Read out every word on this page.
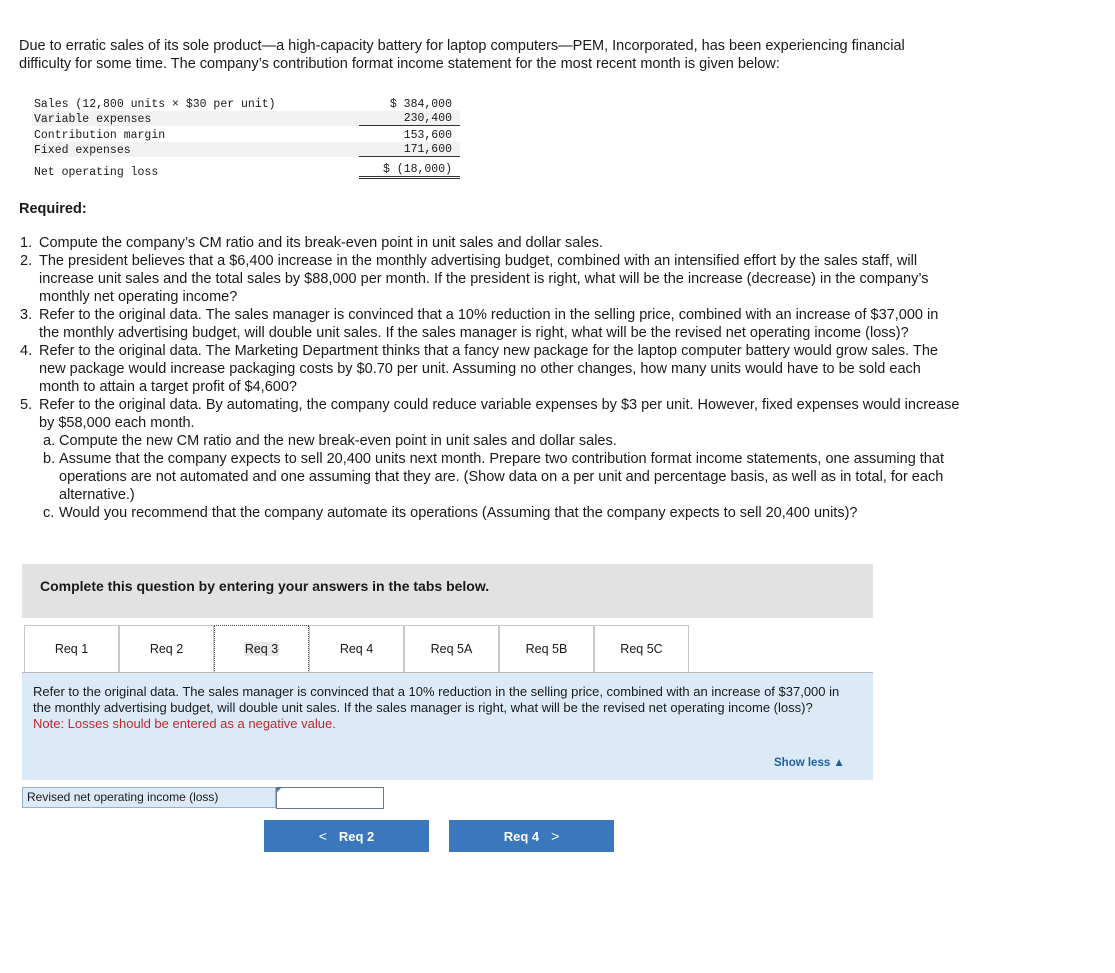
Due to erratic sales of its sole product—a high-capacity battery for laptop computers—PEM, Incorporated, has been experiencing financial difficulty for some time. The company’s contribution format income statement for the most recent month is given below:
Sales (12,800 units × $30 per unit)	$ 384,000
Variable expenses	230,400
Contribution margin	153,600
Fixed expenses	171,600
Net operating loss	$ (18,000)
Required:
1. Compute the company’s CM ratio and its break-even point in unit sales and dollar sales.
2. The president believes that a $6,400 increase in the monthly advertising budget, combined with an intensified effort by the sales staff, will increase unit sales and the total sales by $88,000 per month. If the president is right, what will be the increase (decrease) in the company’s monthly net operating income?
3. Refer to the original data. The sales manager is convinced that a 10% reduction in the selling price, combined with an increase of $37,000 in the monthly advertising budget, will double unit sales. If the sales manager is right, what will be the revised net operating income (loss)?
4. Refer to the original data. The Marketing Department thinks that a fancy new package for the laptop computer battery would grow sales. The new package would increase packaging costs by $0.70 per unit. Assuming no other changes, how many units would have to be sold each month to attain a target profit of $4,600?
5. Refer to the original data. By automating, the company could reduce variable expenses by $3 per unit. However, fixed expenses would increase by $58,000 each month.
a. Compute the new CM ratio and the new break-even point in unit sales and dollar sales.
b. Assume that the company expects to sell 20,400 units next month. Prepare two contribution format income statements, one assuming that operations are not automated and one assuming that they are. (Show data on a per unit and percentage basis, as well as in total, for each alternative.)
c. Would you recommend that the company automate its operations (Assuming that the company expects to sell 20,400 units)?
Complete this question by entering your answers in the tabs below.
Req 1	Req 2	Req 3	Req 4	Req 5A	Req 5B	Req 5C
Refer to the original data. The sales manager is convinced that a 10% reduction in the selling price, combined with an increase of $37,000 in the monthly advertising budget, will double unit sales. If the sales manager is right, what will be the revised net operating income (loss)?
Note: Losses should be entered as a negative value.
Show less ▲
Revised net operating income (loss)
< Req 2	Req 4 >
